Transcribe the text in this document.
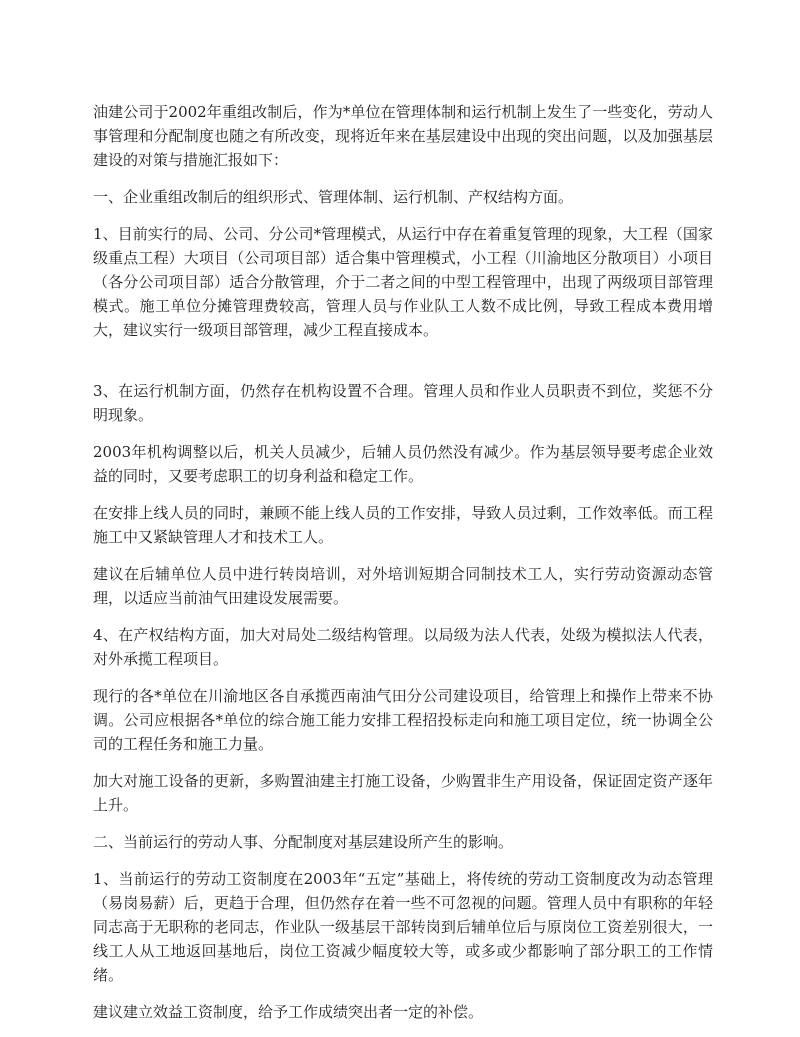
油建公司于2002年重组改制后，作为*单位在管理体制和运行机制上发生了一些变化，劳动人事管理和分配制度也随之有所改变，现将近年来在基层建设中出现的突出问题，以及加强基层建设的对策与措施汇报如下：

一、企业重组改制后的组织形式、管理体制、运行机制、产权结构方面。

1、目前实行的局、公司、分公司*管理模式，从运行中存在着重复管理的现象，大工程（国家级重点工程）大项目（公司项目部）适合集中管理模式，小工程（川渝地区分散项目）小项目（各分公司项目部）适合分散管理，介于二者之间的中型工程管理中，出现了两级项目部管理模式。施工单位分摊管理费较高，管理人员与作业队工人数不成比例，导致工程成本费用增大，建议实行一级项目部管理，减少工程直接成本。

3、在运行机制方面，仍然存在机构设置不合理。管理人员和作业人员职责不到位，奖惩不分明现象。

2003年机构调整以后，机关人员减少，后辅人员仍然没有减少。作为基层领导要考虑企业效益的同时，又要考虑职工的切身利益和稳定工作。

在安排上线人员的同时，兼顾不能上线人员的工作安排，导致人员过剩，工作效率低。而工程施工中又紧缺管理人才和技术工人。

建议在后辅单位人员中进行转岗培训，对外培训短期合同制技术工人，实行劳动资源动态管理，以适应当前油气田建设发展需要。

4、在产权结构方面，加大对局处二级结构管理。以局级为法人代表，处级为模拟法人代表，对外承揽工程项目。

现行的各*单位在川渝地区各自承揽西南油气田分公司建设项目，给管理上和操作上带来不协调。公司应根据各*单位的综合施工能力安排工程招投标走向和施工项目定位，统一协调全公司的工程任务和施工力量。

加大对施工设备的更新，多购置油建主打施工设备，少购置非生产用设备，保证固定资产逐年上升。

二、当前运行的劳动人事、分配制度对基层建设所产生的影响。

1、当前运行的劳动工资制度在2003年“五定”基础上，将传统的劳动工资制度改为动态管理（易岗易薪）后，更趋于合理，但仍然存在着一些不可忽视的问题。管理人员中有职称的年轻同志高于无职称的老同志，作业队一级基层干部转岗到后辅单位后与原岗位工资差别很大，一线工人从工地返回基地后，岗位工资减少幅度较大等，或多或少都影响了部分职工的工作情绪。

建议建立效益工资制度，给予工作成绩突出者一定的补偿。
